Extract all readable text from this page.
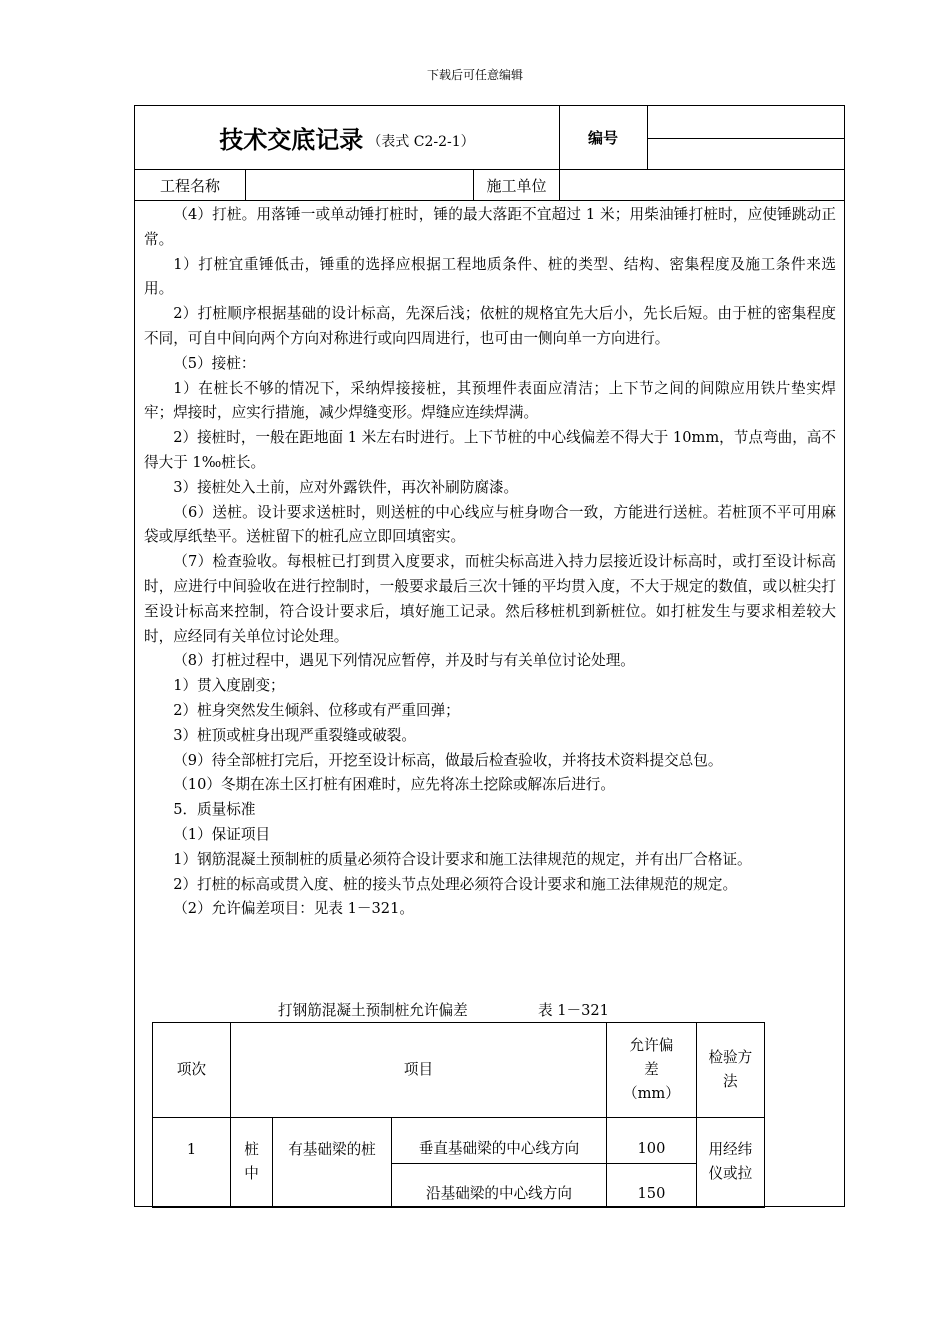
下载后可任意编辑
技术交底记录 （表式 C2-2-1）	编号
工程名称	施工单位

（4）打桩。用落锤一或单动锤打桩时，锤的最大落距不宜超过 1 米；用柴油锤打桩时，应使锤跳动正常。

1）打桩宜重锤低击，锤重的选择应根据工程地质条件、桩的类型、结构、密集程度及施工条件来选用。

2）打桩顺序根据基础的设计标高，先深后浅；依桩的规格宜先大后小，先长后短。由于桩的密集程度不同，可自中间向两个方向对称进行或向四周进行，也可由一侧向单一方向进行。

（5）接桩：

1）在桩长不够的情况下，采纳焊接接桩，其预埋件表面应清洁；上下节之间的间隙应用铁片垫实焊牢；焊接时，应实行措施，减少焊缝变形。焊缝应连续焊满。

2）接桩时，一般在距地面 1 米左右时进行。上下节桩的中心线偏差不得大于 10mm，节点弯曲，高不得大于 1‰桩长。

3）接桩处入土前，应对外露铁件，再次补刷防腐漆。

（6）送桩。设计要求送桩时，则送桩的中心线应与桩身吻合一致，方能进行送桩。若桩顶不平可用麻袋或厚纸垫平。送桩留下的桩孔应立即回填密实。

（7）检查验收。每根桩已打到贯入度要求，而桩尖标高进入持力层接近设计标高时，或打至设计标高时，应进行中间验收在进行控制时，一般要求最后三次十锤的平均贯入度，不大于规定的数值，或以桩尖打至设计标高来控制，符合设计要求后，填好施工记录。然后移桩机到新桩位。如打桩发生与要求相差较大时，应经同有关单位讨论处理。

（8）打桩过程中，遇见下列情况应暂停，并及时与有关单位讨论处理。

1）贯入度剧变；

2）桩身突然发生倾斜、位移或有严重回弹；

3）桩顶或桩身出现严重裂缝或破裂。

（9）待全部桩打完后，开挖至设计标高，做最后检查验收，并将技术资料提交总包。

（10）冬期在冻土区打桩有困难时，应先将冻土挖除或解冻后进行。

5．质量标准

（1）保证项目

1）钢筋混凝土预制桩的质量必须符合设计要求和施工法律规范的规定，并有出厂合格证。

2）打桩的标高或贯入度、桩的接头节点处理必须符合设计要求和施工法律规范的规定。

（2）允许偏差项目：见表 1－321。

打钢筋混凝土预制桩允许偏差	表 1－321
项次	项目			允许偏差（mm）	检验方法
1	桩中	有基础梁的桩	垂直基础梁的中心线方向	100	用经纬仪或拉
			沿基础梁的中心线方向	150	
